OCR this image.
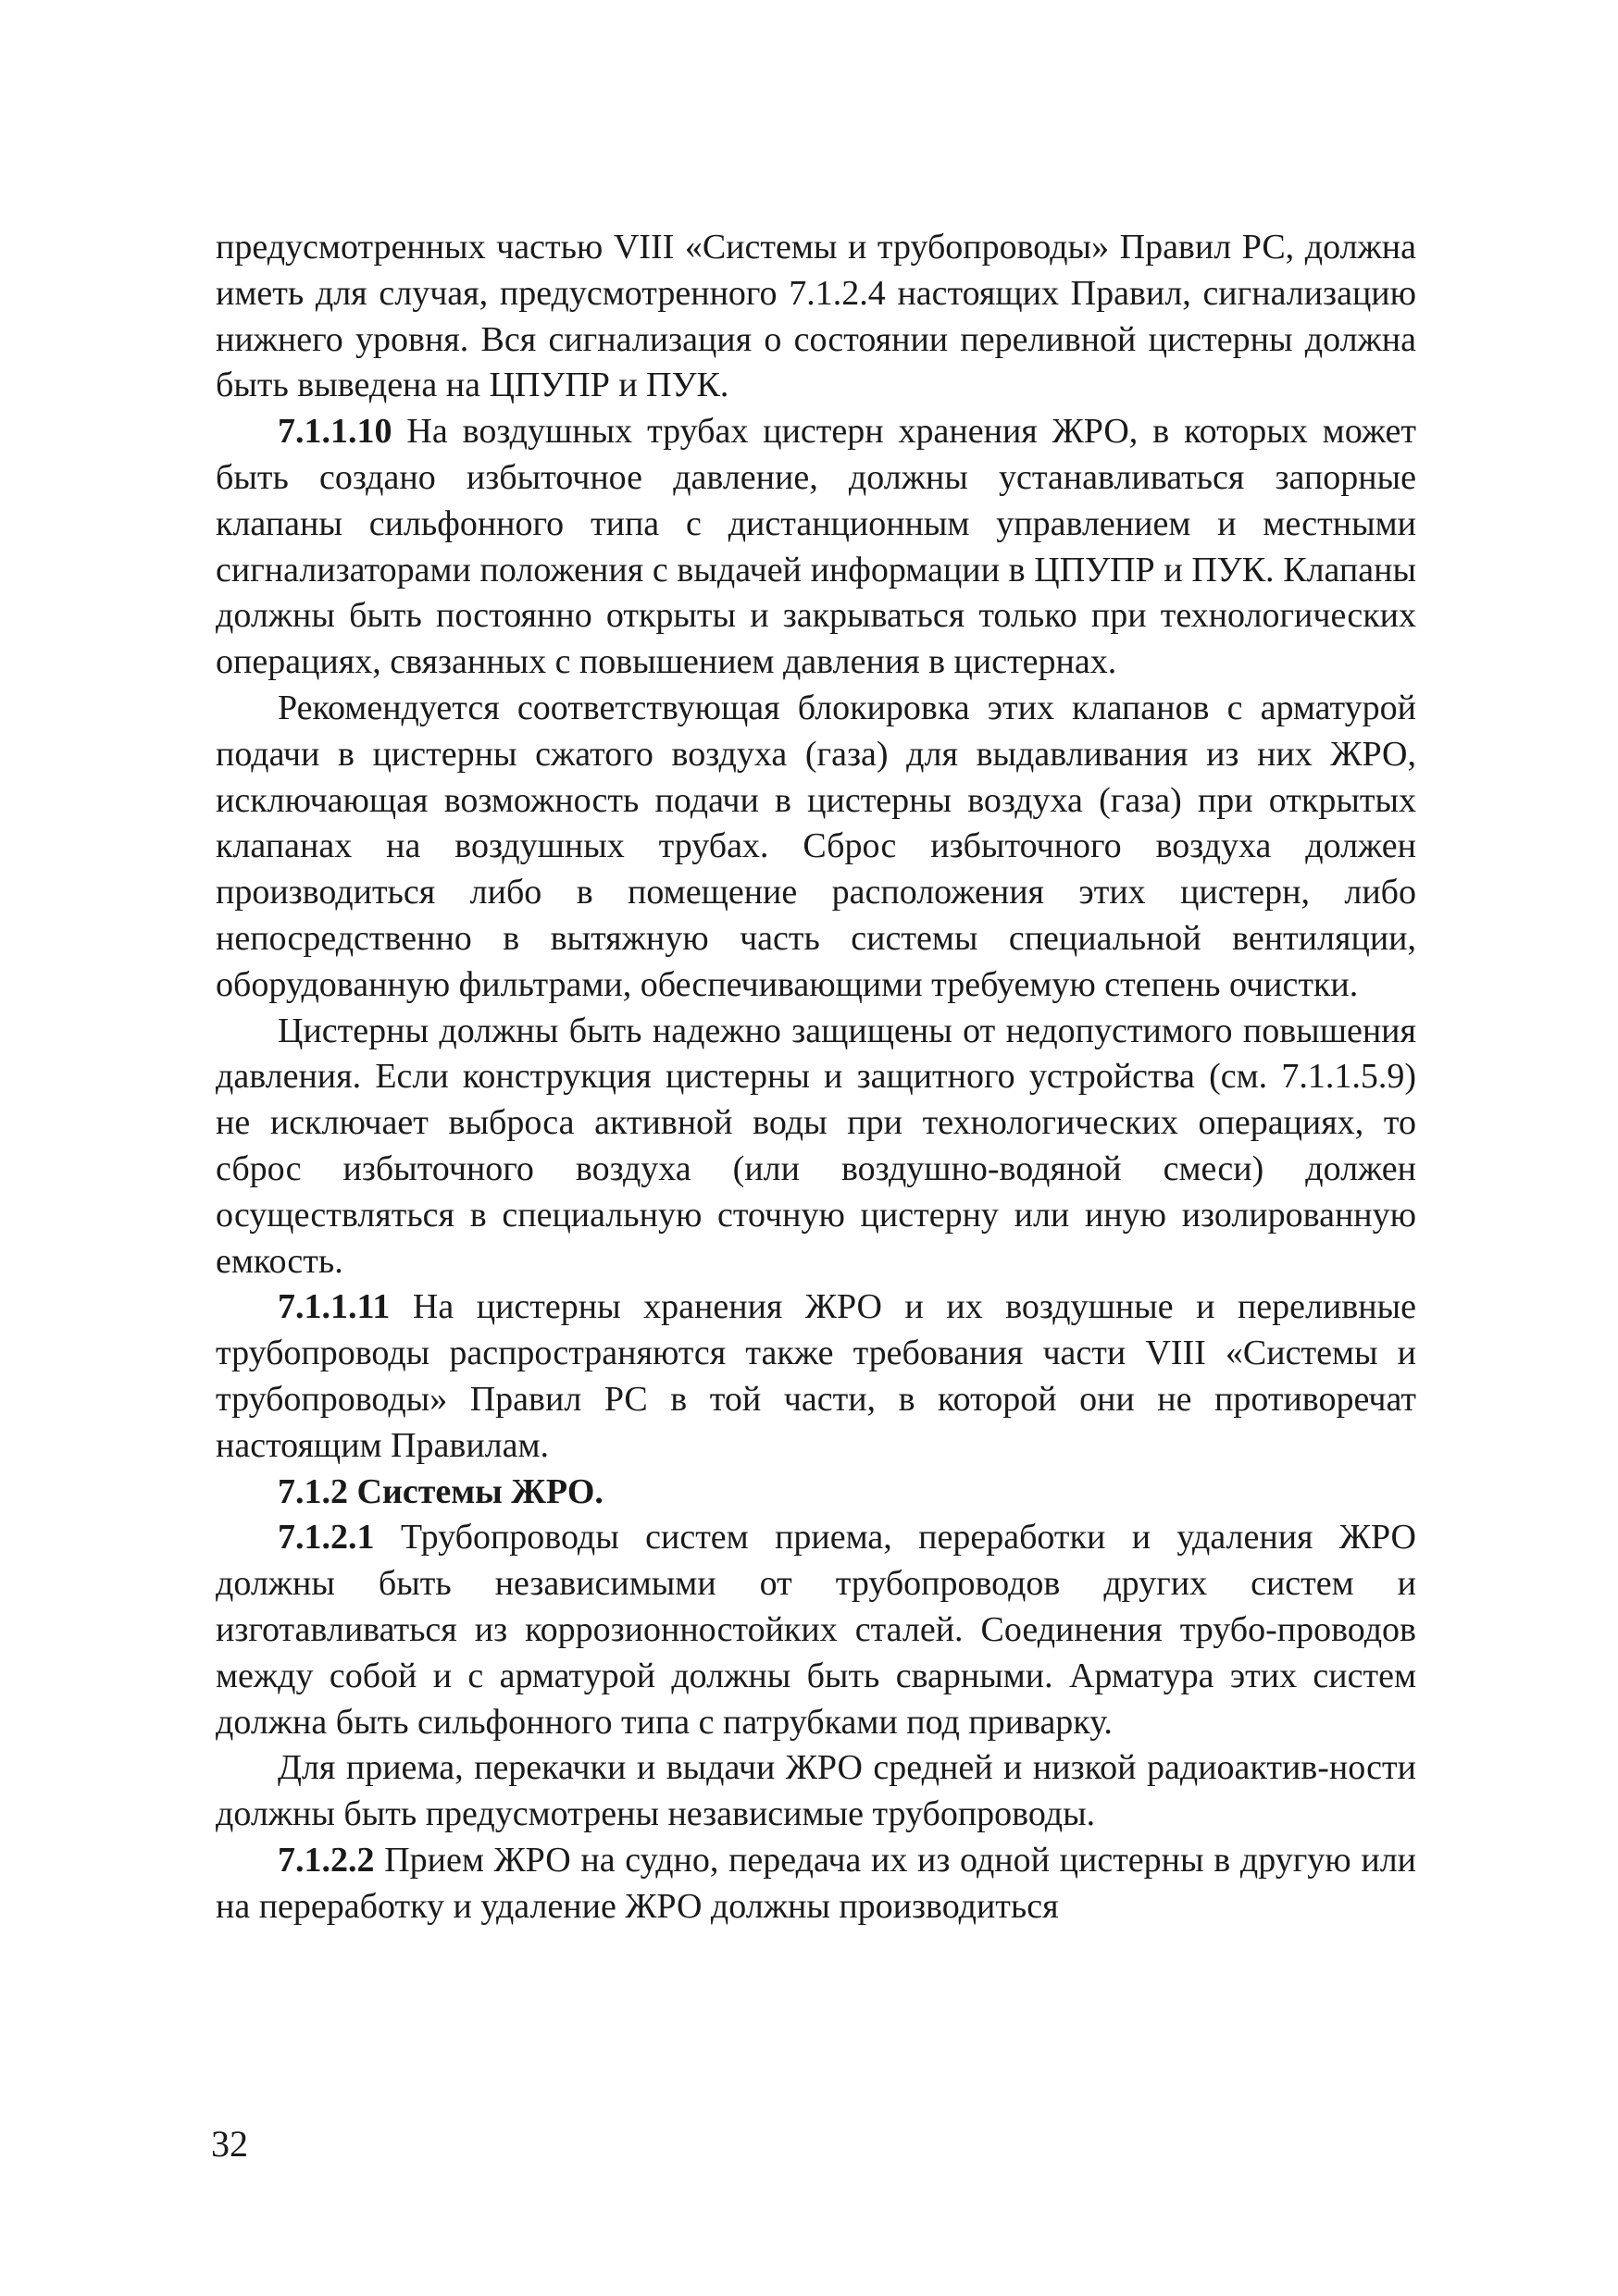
предусмотренных частью VIII «Системы и трубопроводы» Правил РС, должна иметь для случая, предусмотренного 7.1.2.4 настоящих Правил, сигнализацию нижнего уровня. Вся сигнализация о состоянии переливной цистерны должна быть выведена на ЦПУПР и ПУК.

7.1.1.10 На воздушных трубах цистерн хранения ЖРО, в которых может быть создано избыточное давление, должны устанавливаться запорные клапаны сильфонного типа с дистанционным управлением и местными сигнализаторами положения с выдачей информации в ЦПУПР и ПУК. Клапаны должны быть постоянно открыты и закрываться только при технологических операциях, связанных с повышением давления в цистернах.

Рекомендуется соответствующая блокировка этих клапанов с арматурой подачи в цистерны сжатого воздуха (газа) для выдавливания из них ЖРО, исключающая возможность подачи в цистерны воздуха (газа) при открытых клапанах на воздушных трубах. Сброс избыточного воздуха должен производиться либо в помещение расположения этих цистерн, либо непосредственно в вытяжную часть системы специальной вентиляции, оборудованную фильтрами, обеспечивающими требуемую степень очистки.

Цистерны должны быть надежно защищены от недопустимого повышения давления. Если конструкция цистерны и защитного устройства (см. 7.1.1.5.9) не исключает выброса активной воды при технологических операциях, то сброс избыточного воздуха (или воздушно-водяной смеси) должен осуществляться в специальную сточную цистерну или иную изолированную емкость.

7.1.1.11 На цистерны хранения ЖРО и их воздушные и переливные трубопроводы распространяются также требования части VIII «Системы и трубопроводы» Правил РС в той части, в которой они не противоречат настоящим Правилам.

7.1.2 Системы ЖРО.

7.1.2.1 Трубопроводы систем приема, переработки и удаления ЖРО должны быть независимыми от трубопроводов других систем и изготавливаться из коррозионностойких сталей. Соединения трубо-проводов между собой и с арматурой должны быть сварными. Арматура этих систем должна быть сильфонного типа с патрубками под приварку.

Для приема, перекачки и выдачи ЖРО средней и низкой радиоактив-ности должны быть предусмотрены независимые трубопроводы.

7.1.2.2 Прием ЖРО на судно, передача их из одной цистерны в другую или на переработку и удаление ЖРО должны производиться

32
